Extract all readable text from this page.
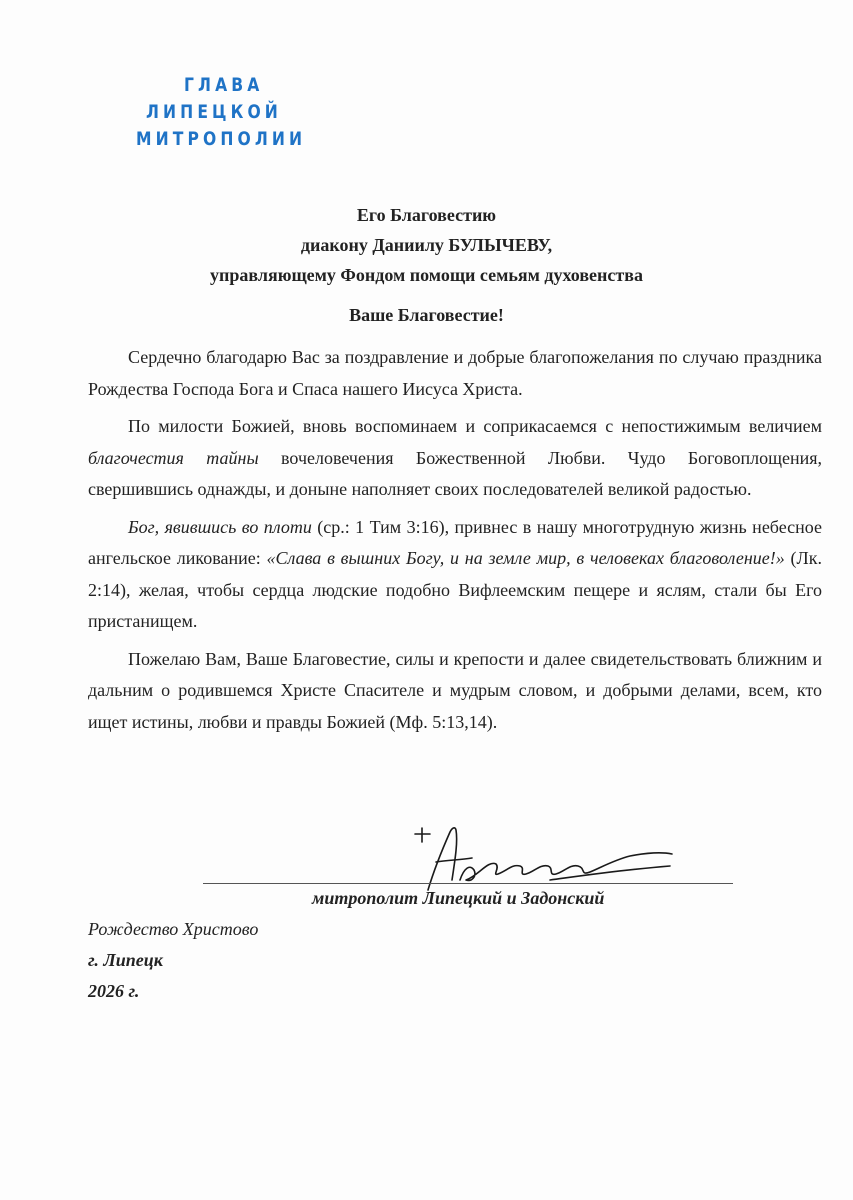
ГЛАВА
ЛИПЕЦКОЙ
МИТРОПОЛИИ
Его Благовестию
диакону Даниилу БУЛЫЧЕВУ,
управляющему Фондом помощи семьям духовенства
Ваше Благовестие!

Сердечно благодарю Вас за поздравление и добрые благопожелания по случаю праздника Рождества Господа Бога и Спаса нашего Иисуса Христа.

По милости Божией, вновь воспоминаем и соприкасаемся с непостижимым величием благочестия тайны вочеловечения Божественной Любви. Чудо Боговоплощения, свершившись однажды, и доныне наполняет своих последователей великой радостью.

Бог, явившись во плоти (ср.: 1 Тим 3:16), привнес в нашу многотрудную жизнь небесное ангельское ликование: «Слава в вышних Богу, и на земле мир, в человеках благоволение!» (Лк. 2:14), желая, чтобы сердца людские подобно Вифлеемским пещере и яслям, стали бы Его пристанищем.

Пожелаю Вам, Ваше Благовестие, силы и крепости и далее свидетельствовать ближним и дальним о родившемся Христе Спасителе и мудрым словом, и добрыми делами, всем, кто ищет истины, любви и правды Божией (Мф. 5:13,14).

митрополит Липецкий и Задонский
Рождество Христово
г. Липецк
2026 г.
